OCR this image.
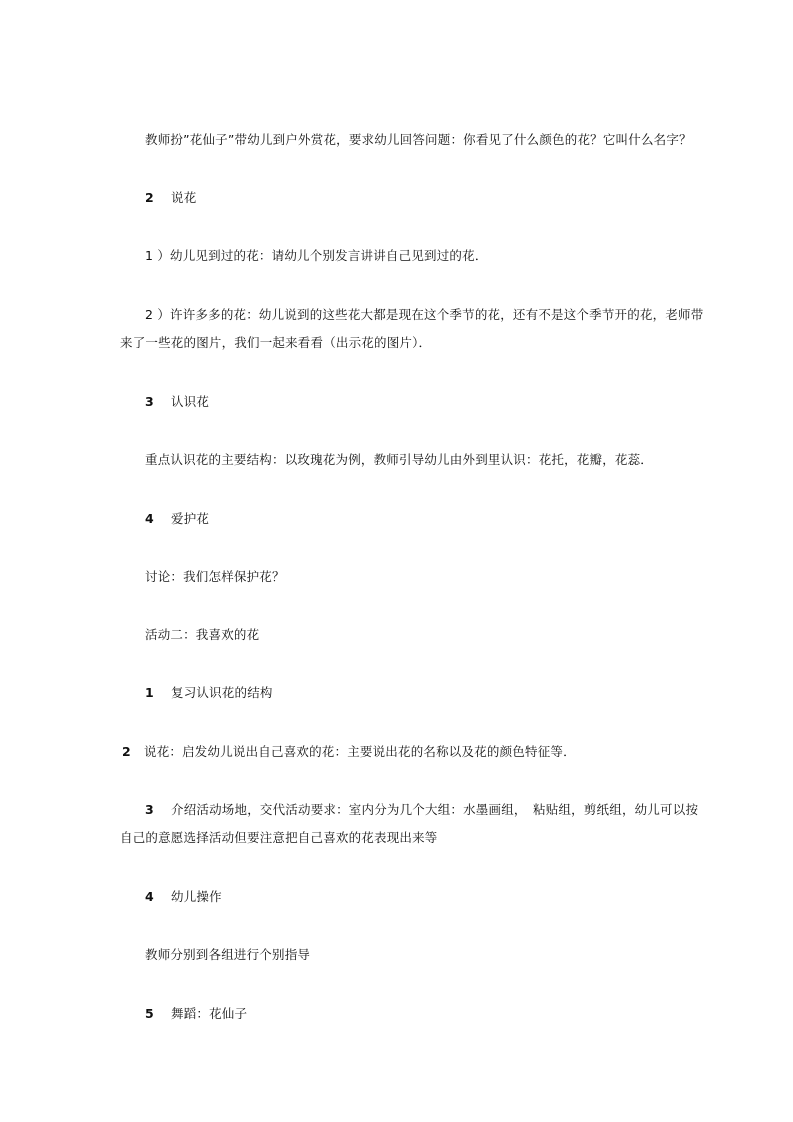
教师扮”花仙子”带幼儿到户外赏花，要求幼儿回答问题：你看见了什么颜色的花？它叫什么名字？
2 说花
1 ）幼儿见到过的花：请幼儿个别发言讲讲自己见到过的花．
2 ）许许多多的花：幼儿说到的这些花大都是现在这个季节的花，还有不是这个季节开的花，老师带
来了一些花的图片，我们一起来看看（出示花的图片）．
3 认识花
重点认识花的主要结构：以玫瑰花为例，教师引导幼儿由外到里认识：花托，花瓣，花蕊．
4 爱护花
讨论：我们怎样保护花？
活动二：我喜欢的花
1 复习认识花的结构
2 说花：启发幼儿说出自己喜欢的花：主要说出花的名称以及花的颜色特征等．
3 介绍活动场地，交代活动要求：室内分为几个大组：水墨画组，　粘贴组，剪纸组，幼儿可以按
自己的意愿选择活动但要注意把自己喜欢的花表现出来等
4 幼儿操作
教师分别到各组进行个别指导
5 舞蹈：花仙子
